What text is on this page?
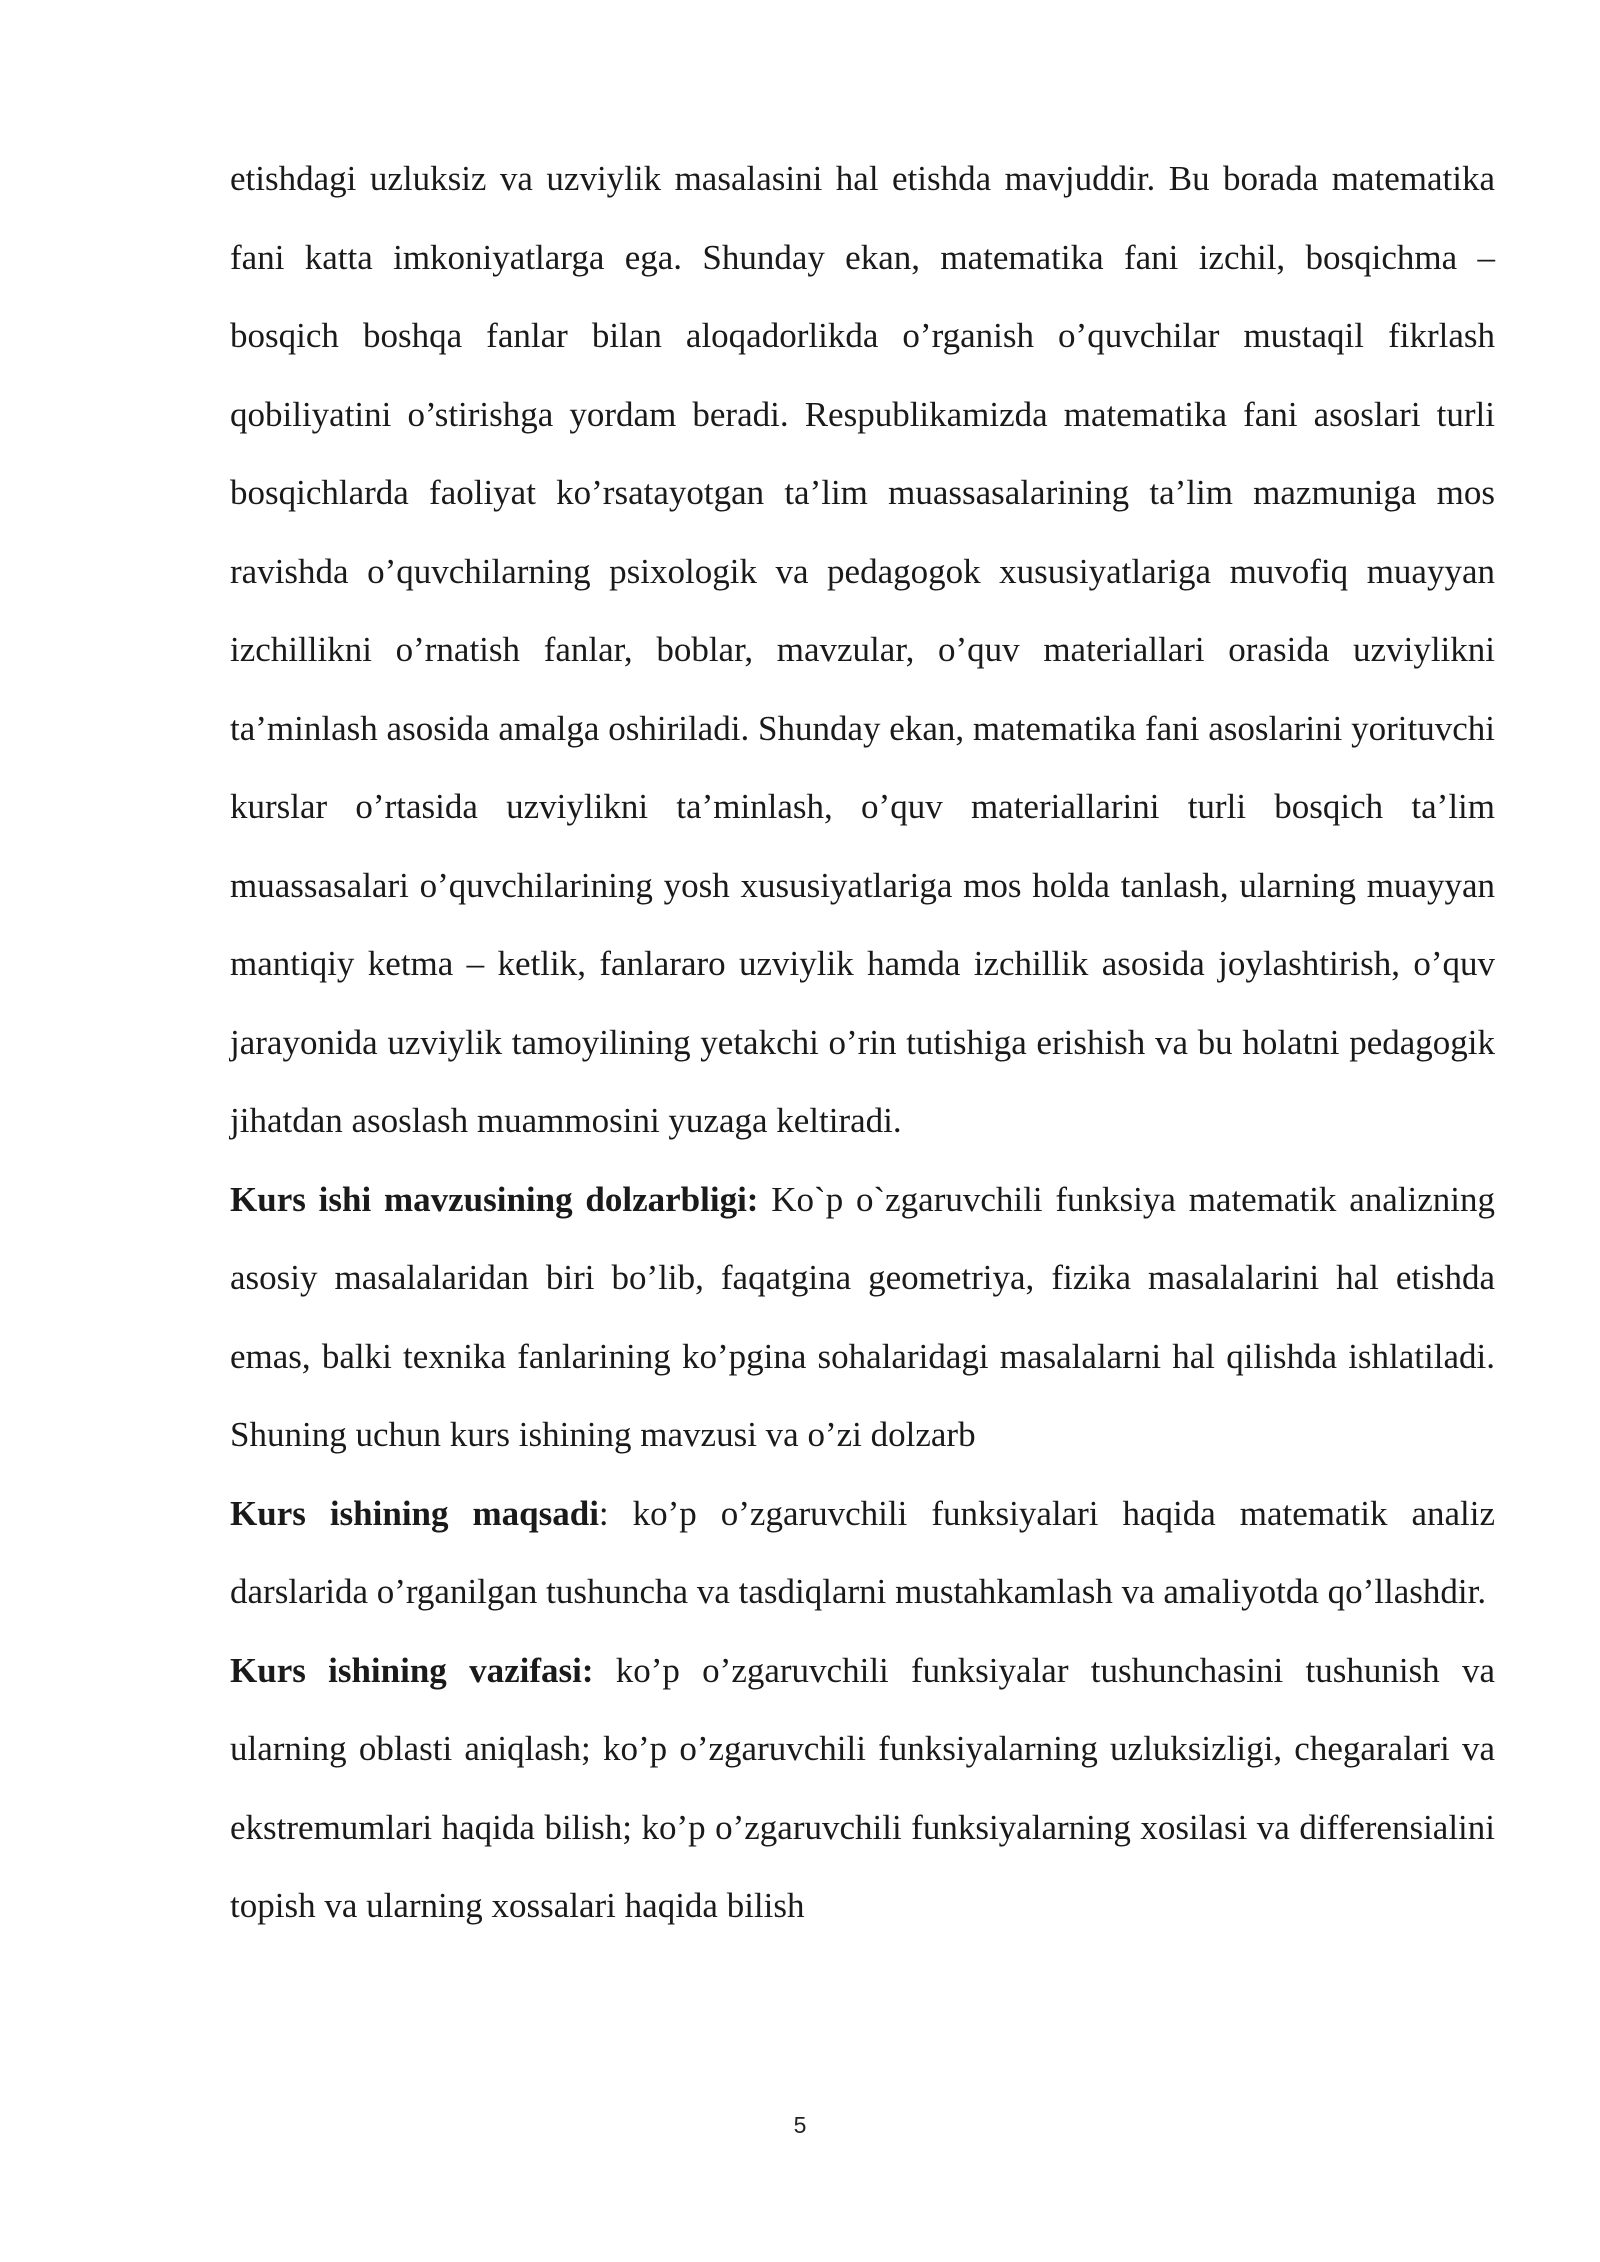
etishdagi uzluksiz va uzviylik masalasini hal etishda mavjuddir. Bu borada matematika fani katta imkoniyatlarga ega. Shunday ekan, matematika fani izchil, bosqichma – bosqich boshqa fanlar bilan aloqadorlikda o’rganish o’quvchilar mustaqil fikrlash qobiliyatini o’stirishga yordam beradi. Respublikamizda matematika fani asoslari turli bosqichlarda faoliyat ko’rsatayotgan ta’lim muassasalarining ta’lim mazmuniga mos ravishda o’quvchilarning psixologik va pedagogok xususiyatlariga muvofiq muayyan izchillikni o’rnatish fanlar, boblar, mavzular, o’quv materiallari orasida uzviylikni ta’minlash asosida amalga oshiriladi. Shunday ekan, matematika fani asoslarini yorituvchi kurslar o’rtasida uzviylikni ta’minlash, o’quv materiallarini turli bosqich ta’lim muassasalari o’quvchilarining yosh xususiyatlariga mos holda tanlash, ularning muayyan mantiqiy ketma – ketlik, fanlararo uzviylik hamda izchillik asosida joylashtirish, o’quv jarayonida uzviylik tamoyilining yetakchi o’rin tutishiga erishish va bu holatni pedagogik jihatdan asoslash muammosini yuzaga keltiradi.

Kurs ishi mavzusining dolzarbligi: Ko`p o`zgaruvchili funksiya matematik analizning asosiy masalalaridan biri bo’lib, faqatgina geometriya, fizika masalalarini hal etishda emas, balki texnika fanlarining ko’pgina sohalaridagi masalalarni hal qilishda ishlatiladi. Shuning uchun kurs ishining mavzusi va o’zi dolzarb

Kurs ishining maqsadi: ko’p o’zgaruvchili funksiyalari haqida matematik analiz darslarida o’rganilgan tushuncha va tasdiqlarni mustahkamlash va amaliyotda qo’llashdir.

Kurs ishining vazifasi: ko’p o’zgaruvchili funksiyalar tushunchasini tushunish va ularning oblasti aniqlash; ko’p o’zgaruvchili funksiyalarning uzluksizligi, chegaralari va ekstremumlari haqida bilish; ko’p o’zgaruvchili funksiyalarning xosilasi va differensialini topish va ularning xossalari haqida bilish

5
